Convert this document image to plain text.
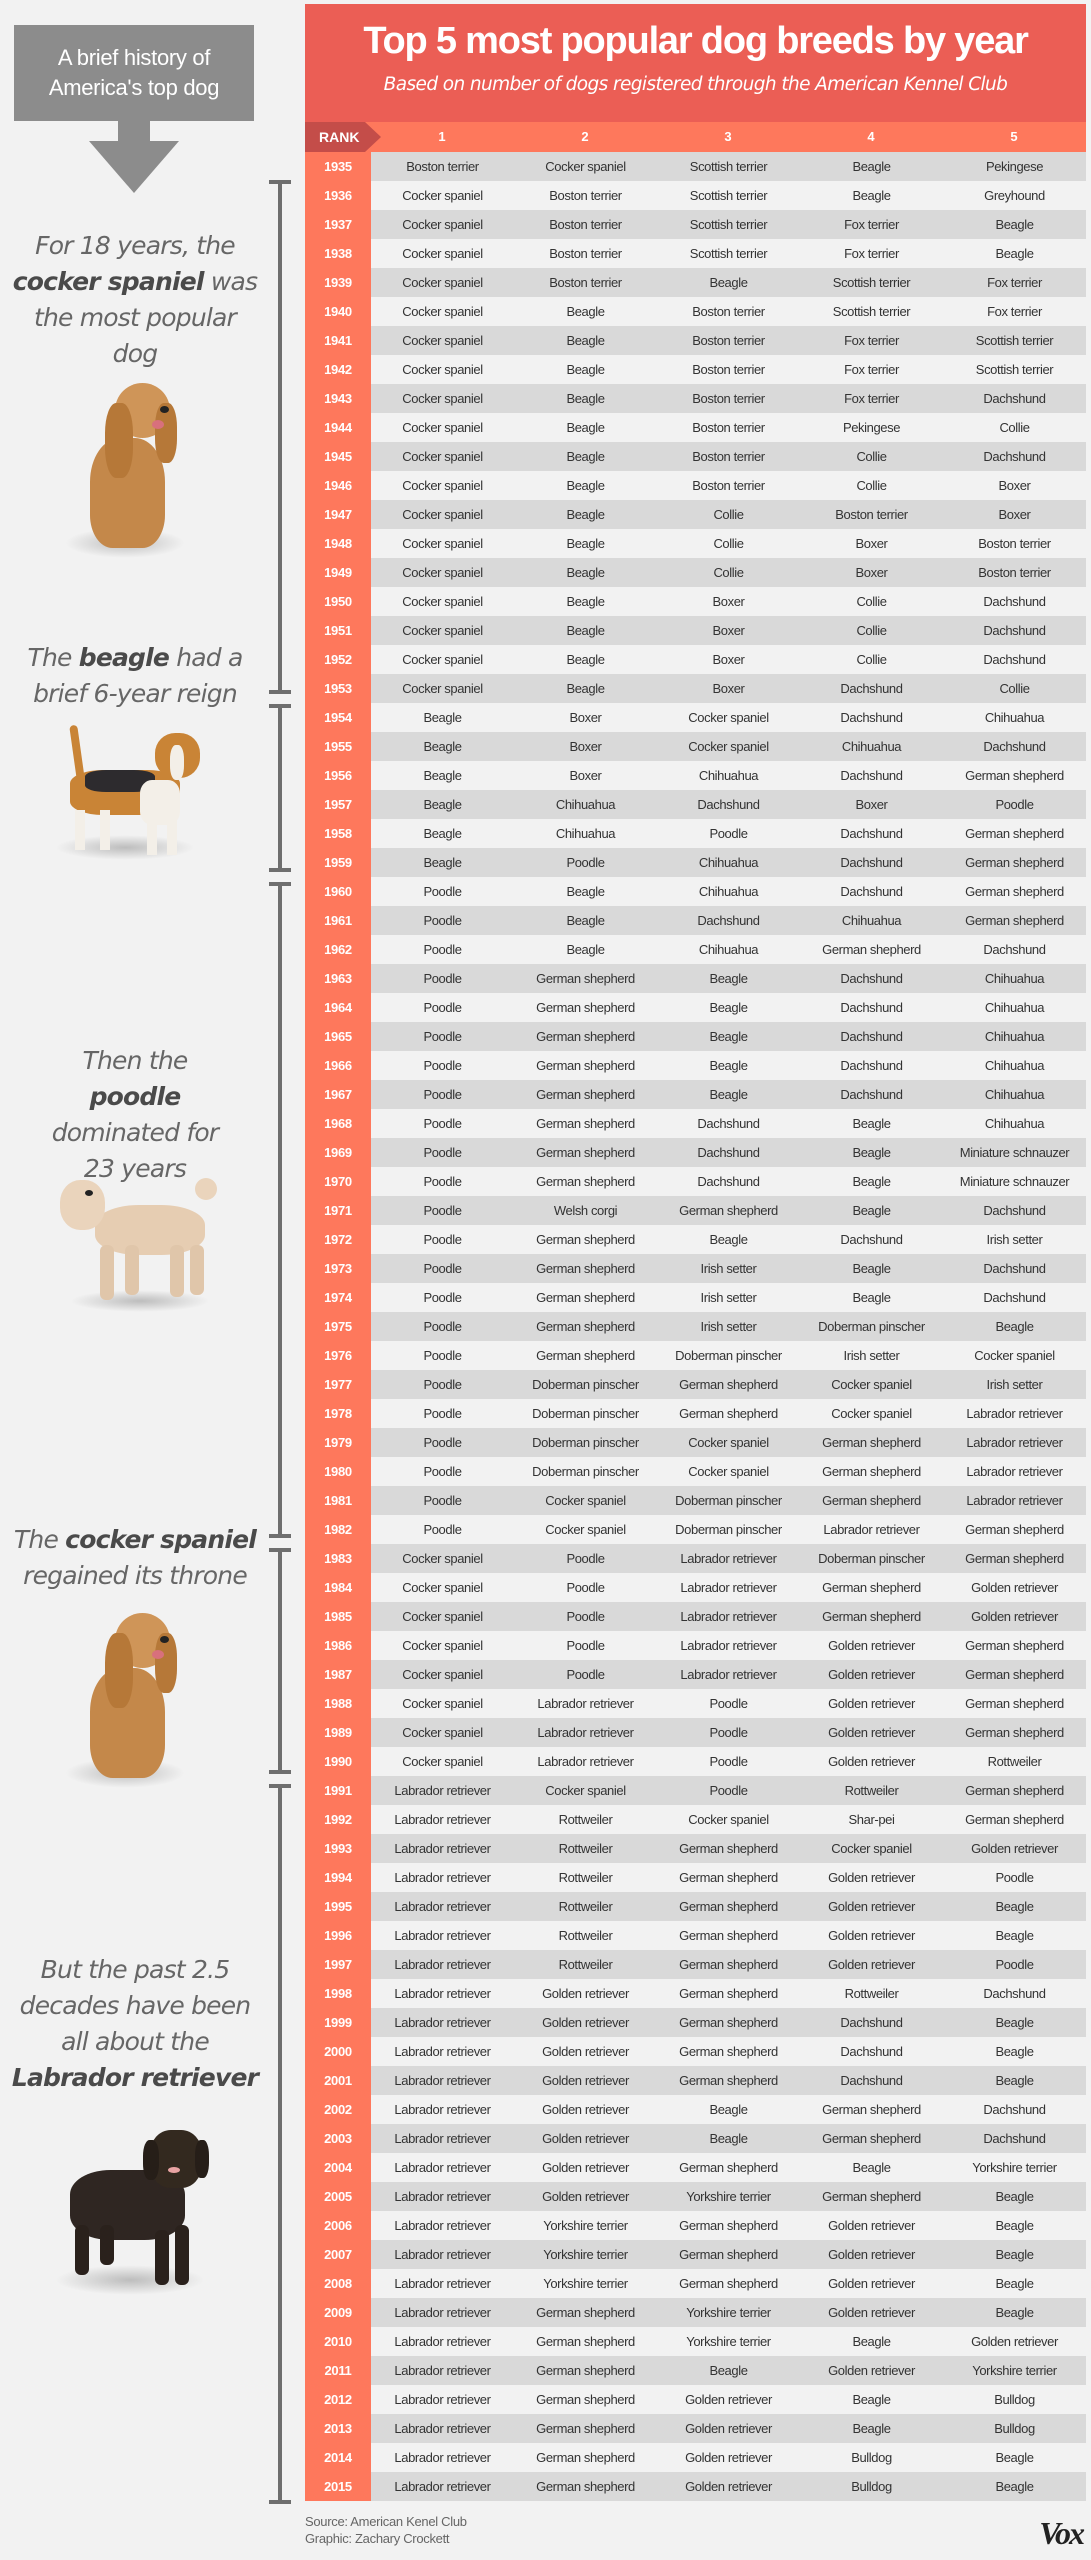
A brief history of
America's top dog
For 18 years, the cocker spaniel was the most popular dog
The beagle had a brief 6-year reign
Then the poodle dominated for 23 years
The cocker spaniel regained its throne
But the past 2.5 decades have been all about the Labrador retriever
Top 5 most popular dog breeds by year
Based on number of dogs registered through the American Kennel Club
RANK	1	2	3	4	5
1935	Boston terrier	Cocker spaniel	Scottish terrier	Beagle	Pekingese
1936	Cocker spaniel	Boston terrier	Scottish terrier	Beagle	Greyhound
1937	Cocker spaniel	Boston terrier	Scottish terrier	Fox terrier	Beagle
1938	Cocker spaniel	Boston terrier	Scottish terrier	Fox terrier	Beagle
1939	Cocker spaniel	Boston terrier	Beagle	Scottish terrier	Fox terrier
1940	Cocker spaniel	Beagle	Boston terrier	Scottish terrier	Fox terrier
1941	Cocker spaniel	Beagle	Boston terrier	Fox terrier	Scottish terrier
1942	Cocker spaniel	Beagle	Boston terrier	Fox terrier	Scottish terrier
1943	Cocker spaniel	Beagle	Boston terrier	Fox terrier	Dachshund
1944	Cocker spaniel	Beagle	Boston terrier	Pekingese	Collie
1945	Cocker spaniel	Beagle	Boston terrier	Collie	Dachshund
1946	Cocker spaniel	Beagle	Boston terrier	Collie	Boxer
1947	Cocker spaniel	Beagle	Collie	Boston terrier	Boxer
1948	Cocker spaniel	Beagle	Collie	Boxer	Boston terrier
1949	Cocker spaniel	Beagle	Collie	Boxer	Boston terrier
1950	Cocker spaniel	Beagle	Boxer	Collie	Dachshund
1951	Cocker spaniel	Beagle	Boxer	Collie	Dachshund
1952	Cocker spaniel	Beagle	Boxer	Collie	Dachshund
1953	Cocker spaniel	Beagle	Boxer	Dachshund	Collie
1954	Beagle	Boxer	Cocker spaniel	Dachshund	Chihuahua
1955	Beagle	Boxer	Cocker spaniel	Chihuahua	Dachshund
1956	Beagle	Boxer	Chihuahua	Dachshund	German shepherd
1957	Beagle	Chihuahua	Dachshund	Boxer	Poodle
1958	Beagle	Chihuahua	Poodle	Dachshund	German shepherd
1959	Beagle	Poodle	Chihuahua	Dachshund	German shepherd
1960	Poodle	Beagle	Chihuahua	Dachshund	German shepherd
1961	Poodle	Beagle	Dachshund	Chihuahua	German shepherd
1962	Poodle	Beagle	Chihuahua	German shepherd	Dachshund
1963	Poodle	German shepherd	Beagle	Dachshund	Chihuahua
1964	Poodle	German shepherd	Beagle	Dachshund	Chihuahua
1965	Poodle	German shepherd	Beagle	Dachshund	Chihuahua
1966	Poodle	German shepherd	Beagle	Dachshund	Chihuahua
1967	Poodle	German shepherd	Beagle	Dachshund	Chihuahua
1968	Poodle	German shepherd	Dachshund	Beagle	Chihuahua
1969	Poodle	German shepherd	Dachshund	Beagle	Miniature schnauzer
1970	Poodle	German shepherd	Dachshund	Beagle	Miniature schnauzer
1971	Poodle	Welsh corgi	German shepherd	Beagle	Dachshund
1972	Poodle	German shepherd	Beagle	Dachshund	Irish setter
1973	Poodle	German shepherd	Irish setter	Beagle	Dachshund
1974	Poodle	German shepherd	Irish setter	Beagle	Dachshund
1975	Poodle	German shepherd	Irish setter	Doberman pinscher	Beagle
1976	Poodle	German shepherd	Doberman pinscher	Irish setter	Cocker spaniel
1977	Poodle	Doberman pinscher	German shepherd	Cocker spaniel	Irish setter
1978	Poodle	Doberman pinscher	German shepherd	Cocker spaniel	Labrador retriever
1979	Poodle	Doberman pinscher	Cocker spaniel	German shepherd	Labrador retriever
1980	Poodle	Doberman pinscher	Cocker spaniel	German shepherd	Labrador retriever
1981	Poodle	Cocker spaniel	Doberman pinscher	German shepherd	Labrador retriever
1982	Poodle	Cocker spaniel	Doberman pinscher	Labrador retriever	German shepherd
1983	Cocker spaniel	Poodle	Labrador retriever	Doberman pinscher	German shepherd
1984	Cocker spaniel	Poodle	Labrador retriever	German shepherd	Golden retriever
1985	Cocker spaniel	Poodle	Labrador retriever	German shepherd	Golden retriever
1986	Cocker spaniel	Poodle	Labrador retriever	Golden retriever	German shepherd
1987	Cocker spaniel	Poodle	Labrador retriever	Golden retriever	German shepherd
1988	Cocker spaniel	Labrador retriever	Poodle	Golden retriever	German shepherd
1989	Cocker spaniel	Labrador retriever	Poodle	Golden retriever	German shepherd
1990	Cocker spaniel	Labrador retriever	Poodle	Golden retriever	Rottweiler
1991	Labrador retriever	Cocker spaniel	Poodle	Rottweiler	German shepherd
1992	Labrador retriever	Rottweiler	Cocker spaniel	Shar-pei	German shepherd
1993	Labrador retriever	Rottweiler	German shepherd	Cocker spaniel	Golden retriever
1994	Labrador retriever	Rottweiler	German shepherd	Golden retriever	Poodle
1995	Labrador retriever	Rottweiler	German shepherd	Golden retriever	Beagle
1996	Labrador retriever	Rottweiler	German shepherd	Golden retriever	Beagle
1997	Labrador retriever	Rottweiler	German shepherd	Golden retriever	Poodle
1998	Labrador retriever	Golden retriever	German shepherd	Rottweiler	Dachshund
1999	Labrador retriever	Golden retriever	German shepherd	Dachshund	Beagle
2000	Labrador retriever	Golden retriever	German shepherd	Dachshund	Beagle
2001	Labrador retriever	Golden retriever	German shepherd	Dachshund	Beagle
2002	Labrador retriever	Golden retriever	Beagle	German shepherd	Dachshund
2003	Labrador retriever	Golden retriever	Beagle	German shepherd	Dachshund
2004	Labrador retriever	Golden retriever	German shepherd	Beagle	Yorkshire terrier
2005	Labrador retriever	Golden retriever	Yorkshire terrier	German shepherd	Beagle
2006	Labrador retriever	Yorkshire terrier	German shepherd	Golden retriever	Beagle
2007	Labrador retriever	Yorkshire terrier	German shepherd	Golden retriever	Beagle
2008	Labrador retriever	Yorkshire terrier	German shepherd	Golden retriever	Beagle
2009	Labrador retriever	German shepherd	Yorkshire terrier	Golden retriever	Beagle
2010	Labrador retriever	German shepherd	Yorkshire terrier	Beagle	Golden retriever
2011	Labrador retriever	German shepherd	Beagle	Golden retriever	Yorkshire terrier
2012	Labrador retriever	German shepherd	Golden retriever	Beagle	Bulldog
2013	Labrador retriever	German shepherd	Golden retriever	Beagle	Bulldog
2014	Labrador retriever	German shepherd	Golden retriever	Bulldog	Beagle
2015	Labrador retriever	German shepherd	Golden retriever	Bulldog	Beagle
Source: American Kenel Club
Graphic: Zachary Crockett	Vox
